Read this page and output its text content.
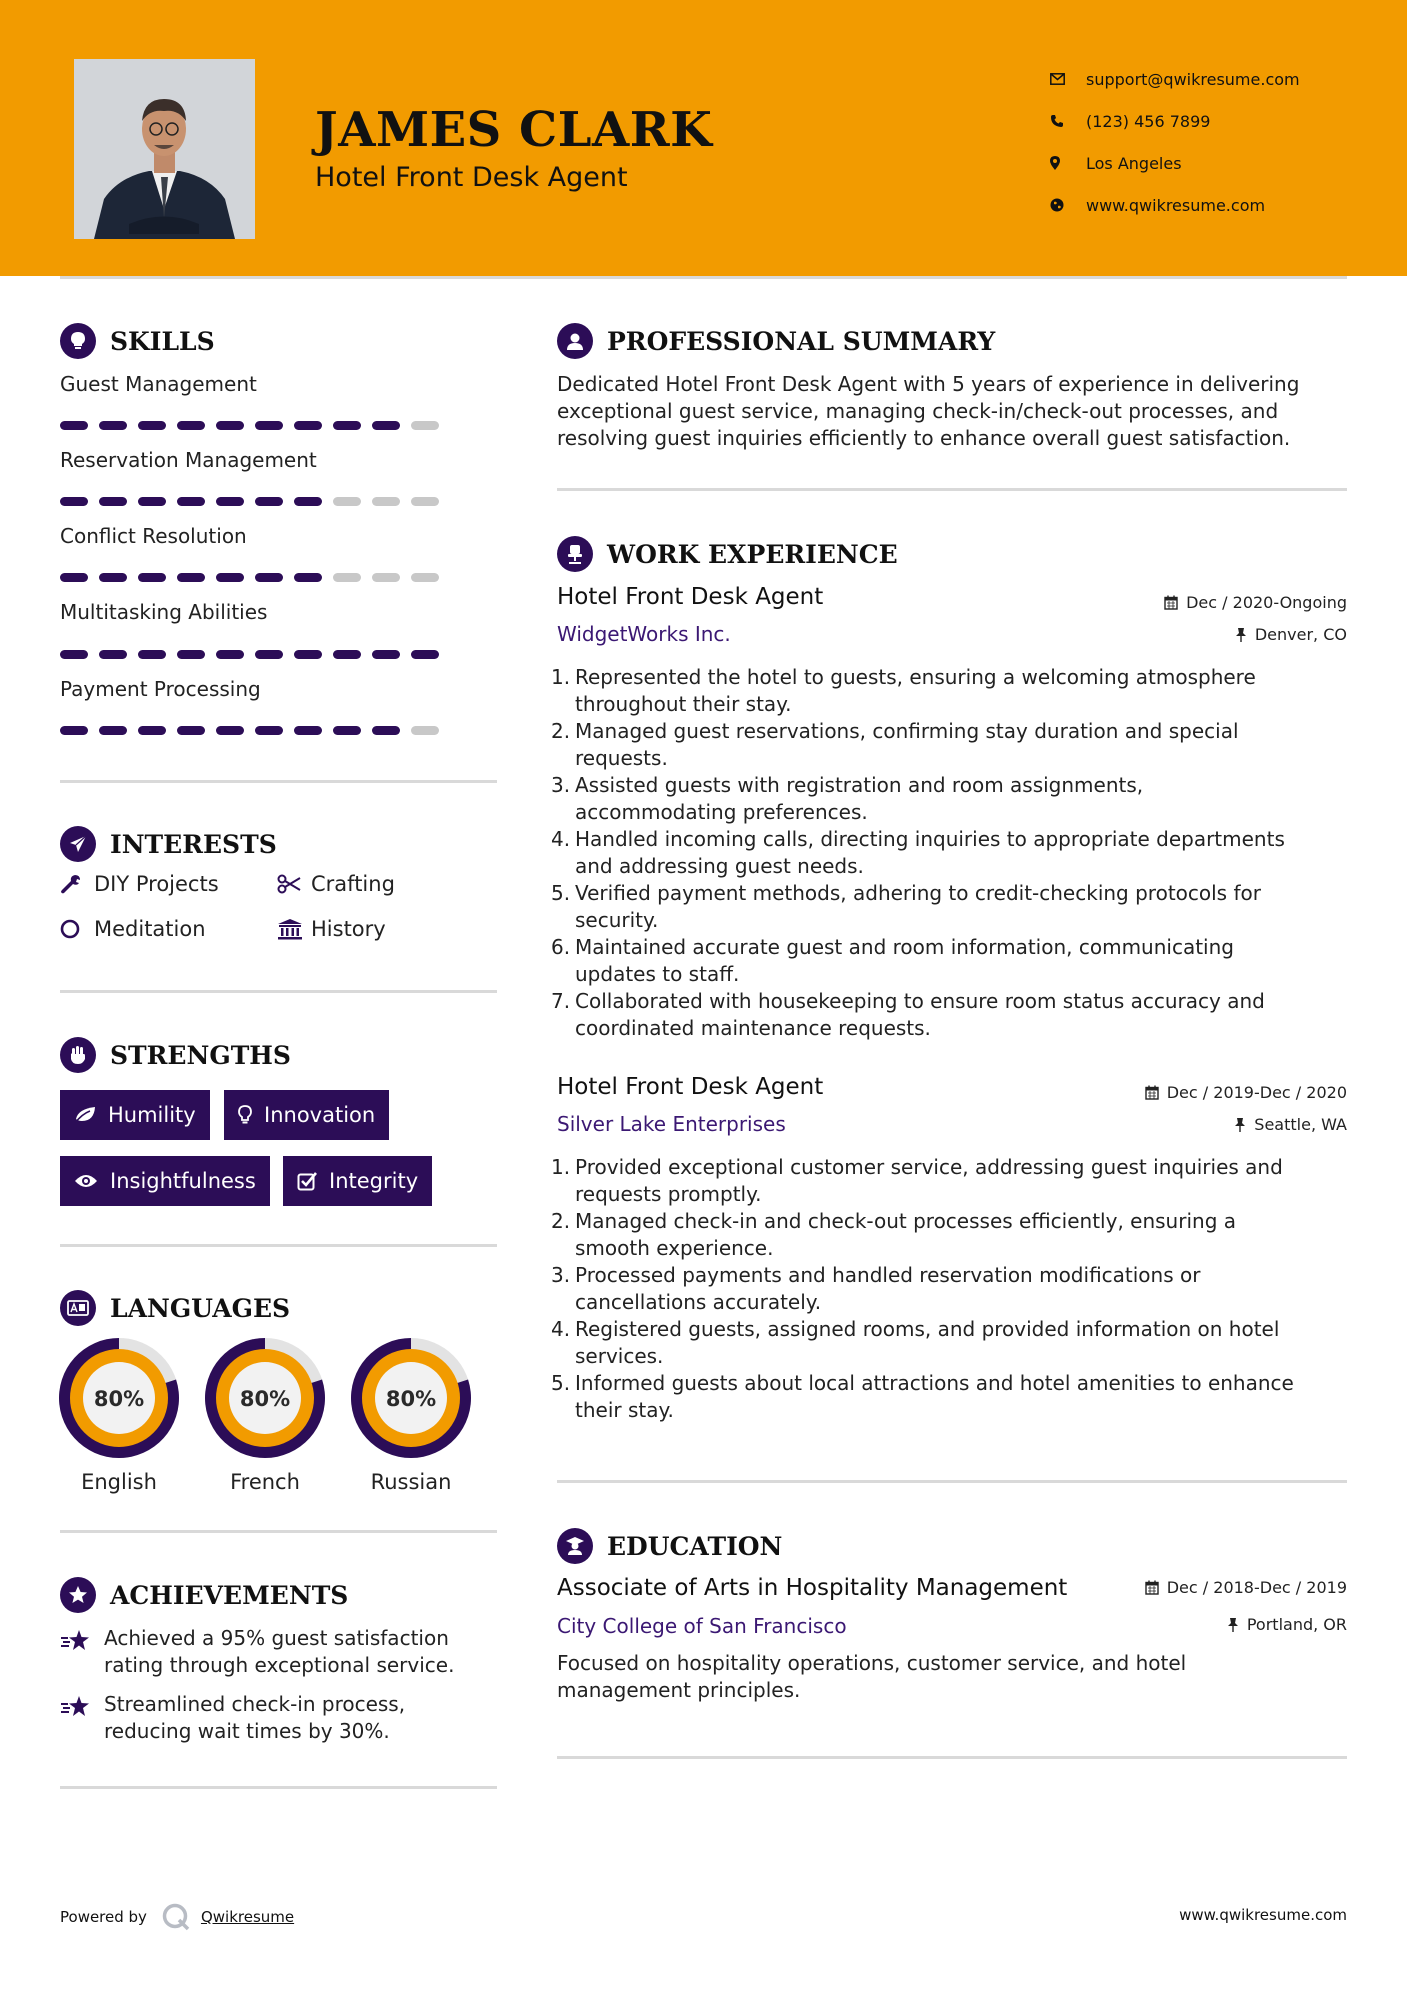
JAMES CLARK
Hotel Front Desk Agent
support@qwikresume.com
(123) 456 7899
Los Angeles
www.qwikresume.com
SKILLS
Guest Management
Reservation Management
Conflict Resolution
Multitasking Abilities
Payment Processing
INTERESTS
DIY Projects	Crafting
Meditation	History
STRENGTHS
Humility	Innovation
Insightfulness	Integrity
LANGUAGES
80%
English
80%
French
80%
Russian
ACHIEVEMENTS
Achieved a 95% guest satisfaction
rating through exceptional service.
Streamlined check-in process,
reducing wait times by 30%.
PROFESSIONAL SUMMARY
Dedicated Hotel Front Desk Agent with 5 years of experience in delivering
exceptional guest service, managing check-in/check-out processes, and
resolving guest inquiries efficiently to enhance overall guest satisfaction.
WORK EXPERIENCE
Hotel Front Desk Agent	Dec / 2020-Ongoing
WidgetWorks Inc.	Denver, CO
1. Represented the hotel to guests, ensuring a welcoming atmosphere
throughout their stay.
2. Managed guest reservations, confirming stay duration and special
requests.
3. Assisted guests with registration and room assignments,
accommodating preferences.
4. Handled incoming calls, directing inquiries to appropriate departments
and addressing guest needs.
5. Verified payment methods, adhering to credit-checking protocols for
security.
6. Maintained accurate guest and room information, communicating
updates to staff.
7. Collaborated with housekeeping to ensure room status accuracy and
coordinated maintenance requests.
Hotel Front Desk Agent	Dec / 2019-Dec / 2020
Silver Lake Enterprises	Seattle, WA
1. Provided exceptional customer service, addressing guest inquiries and
requests promptly.
2. Managed check-in and check-out processes efficiently, ensuring a
smooth experience.
3. Processed payments and handled reservation modifications or
cancellations accurately.
4. Registered guests, assigned rooms, and provided information on hotel
services.
5. Informed guests about local attractions and hotel amenities to enhance
their stay.
EDUCATION
Associate of Arts in Hospitality Management	Dec / 2018-Dec / 2019
City College of San Francisco	Portland, OR
Focused on hospitality operations, customer service, and hotel
management principles.
Powered by	Qwikresume	www.qwikresume.com
